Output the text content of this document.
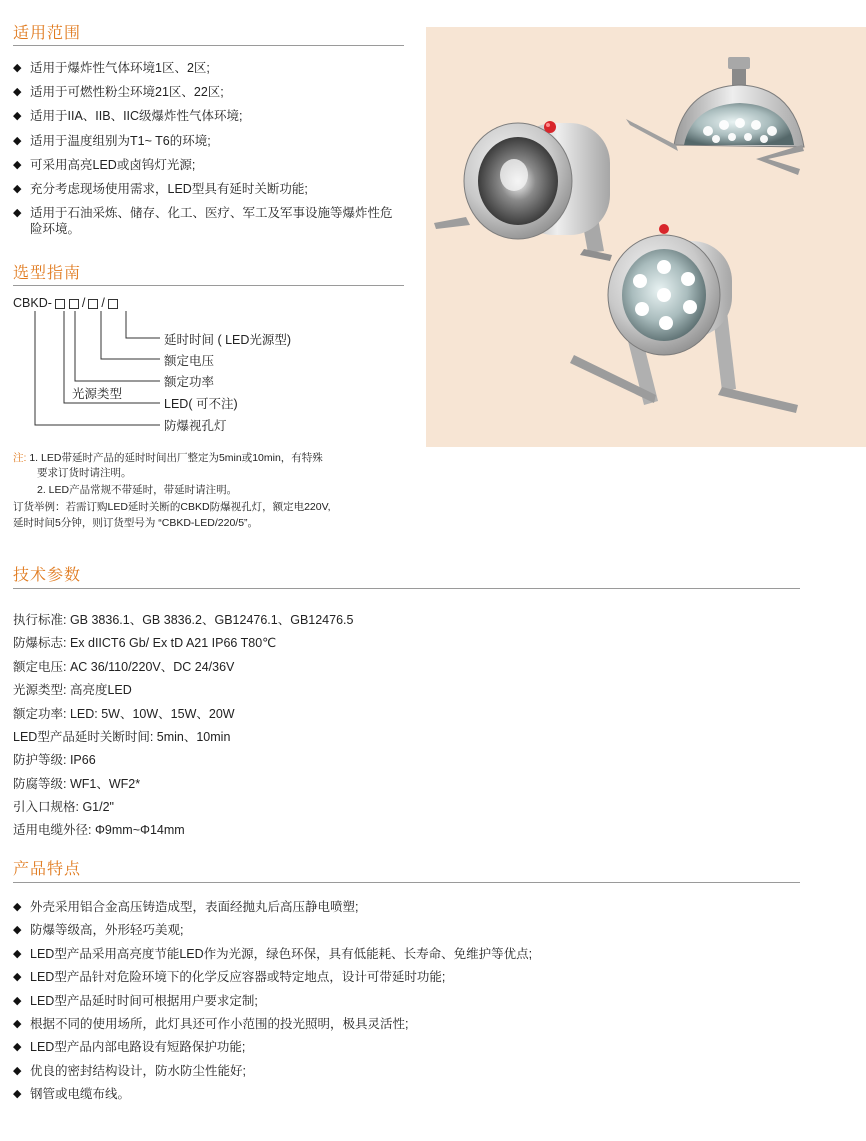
适用范围
◆ 适用于爆炸性气体环境1区、2区;
◆ 适用于可燃性粉尘环境21区、22区;
◆ 适用于IIA、IIB、IIC级爆炸性气体环境;
◆ 适用于温度组别为T1~ T6的环境;
◆ 可采用高亮LED或卤钨灯光源;
◆ 充分考虑现场使用需求，LED型具有延时关断功能;
◆ 适用于石油采炼、储存、化工、医疗、军工及军事设施等爆炸性危险环境。
选型指南
CBKD- / /
延时时间 ( LED光源型)
额定电压
额定功率
光源类型
LED( 可不注)
防爆视孔灯
注: 1. LED带延时产品的延时时间出厂整定为5min或10min，有特殊
要求订货时请注明。
2. LED产品常规不带延时，带延时请注明。
订货举例：若需订购LED延时关断的CBKD防爆视孔灯，额定电220V,
延时时间5分钟，则订货型号为 “CBKD-LED/220/5”。
技术参数
执行标准: GB 3836.1、GB 3836.2、GB12476.1、GB12476.5
防爆标志: Ex dIICT6 Gb/ Ex tD A21 IP66 T80℃
额定电压: AC 36/110/220V、DC 24/36V
光源类型: 高亮度LED
额定功率: LED: 5W、10W、15W、20W
LED型产品延时关断时间: 5min、10min
防护等级: IP66
防腐等级: WF1、WF2*
引入口规格: G1/2"
适用电缆外径: Φ9mm~Φ14mm
产品特点
◆ 外壳采用铝合金高压铸造成型，表面经抛丸后高压静电喷塑;
◆ 防爆等级高，外形轻巧美观;
◆ LED型产品采用高亮度节能LED作为光源，绿色环保，具有低能耗、长寿命、免维护等优点;
◆ LED型产品针对危险环境下的化学反应容器或特定地点，设计可带延时功能;
◆ LED型产品延时时间可根据用户要求定制;
◆ 根据不同的使用场所，此灯具还可作小范围的投光照明，极具灵活性;
◆ LED型产品内部电路设有短路保护功能;
◆ 优良的密封结构设计，防水防尘性能好;
◆ 钢管或电缆布线。
